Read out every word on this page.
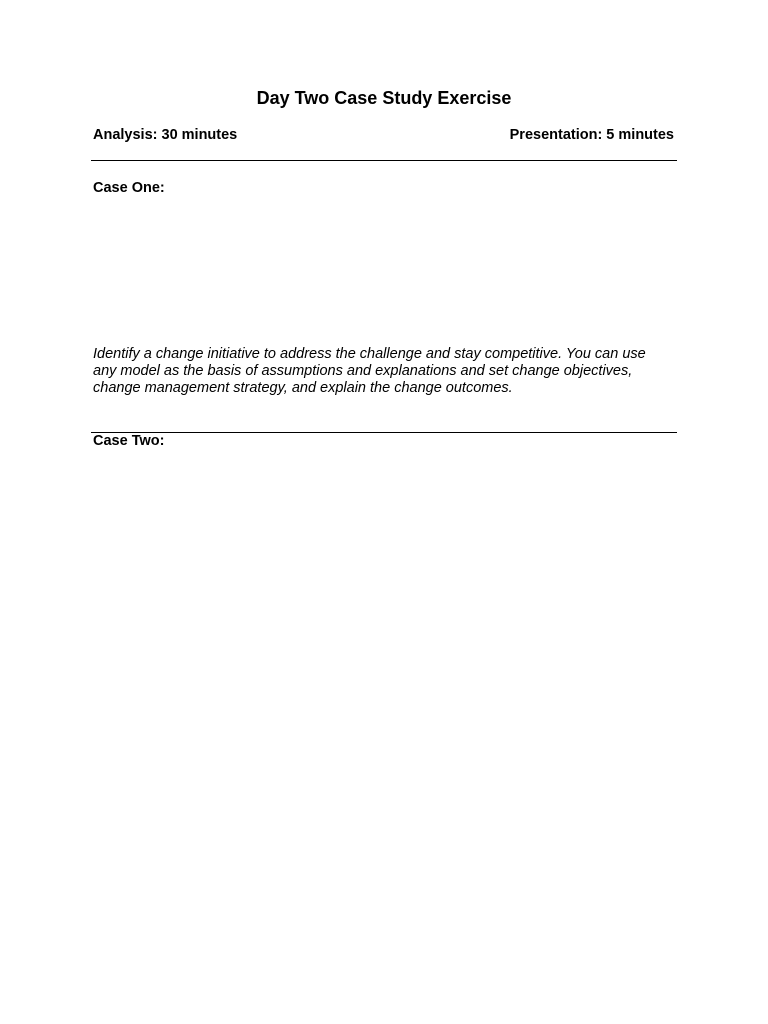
Day Two Case Study Exercise
Analysis: 30 minutes	Presentation: 5 minutes
Case One:
Identify a change initiative to address the challenge and stay competitive. You can use any model as the basis of assumptions and explanations and set change objectives, change management strategy, and explain the change outcomes.
Case Two:
